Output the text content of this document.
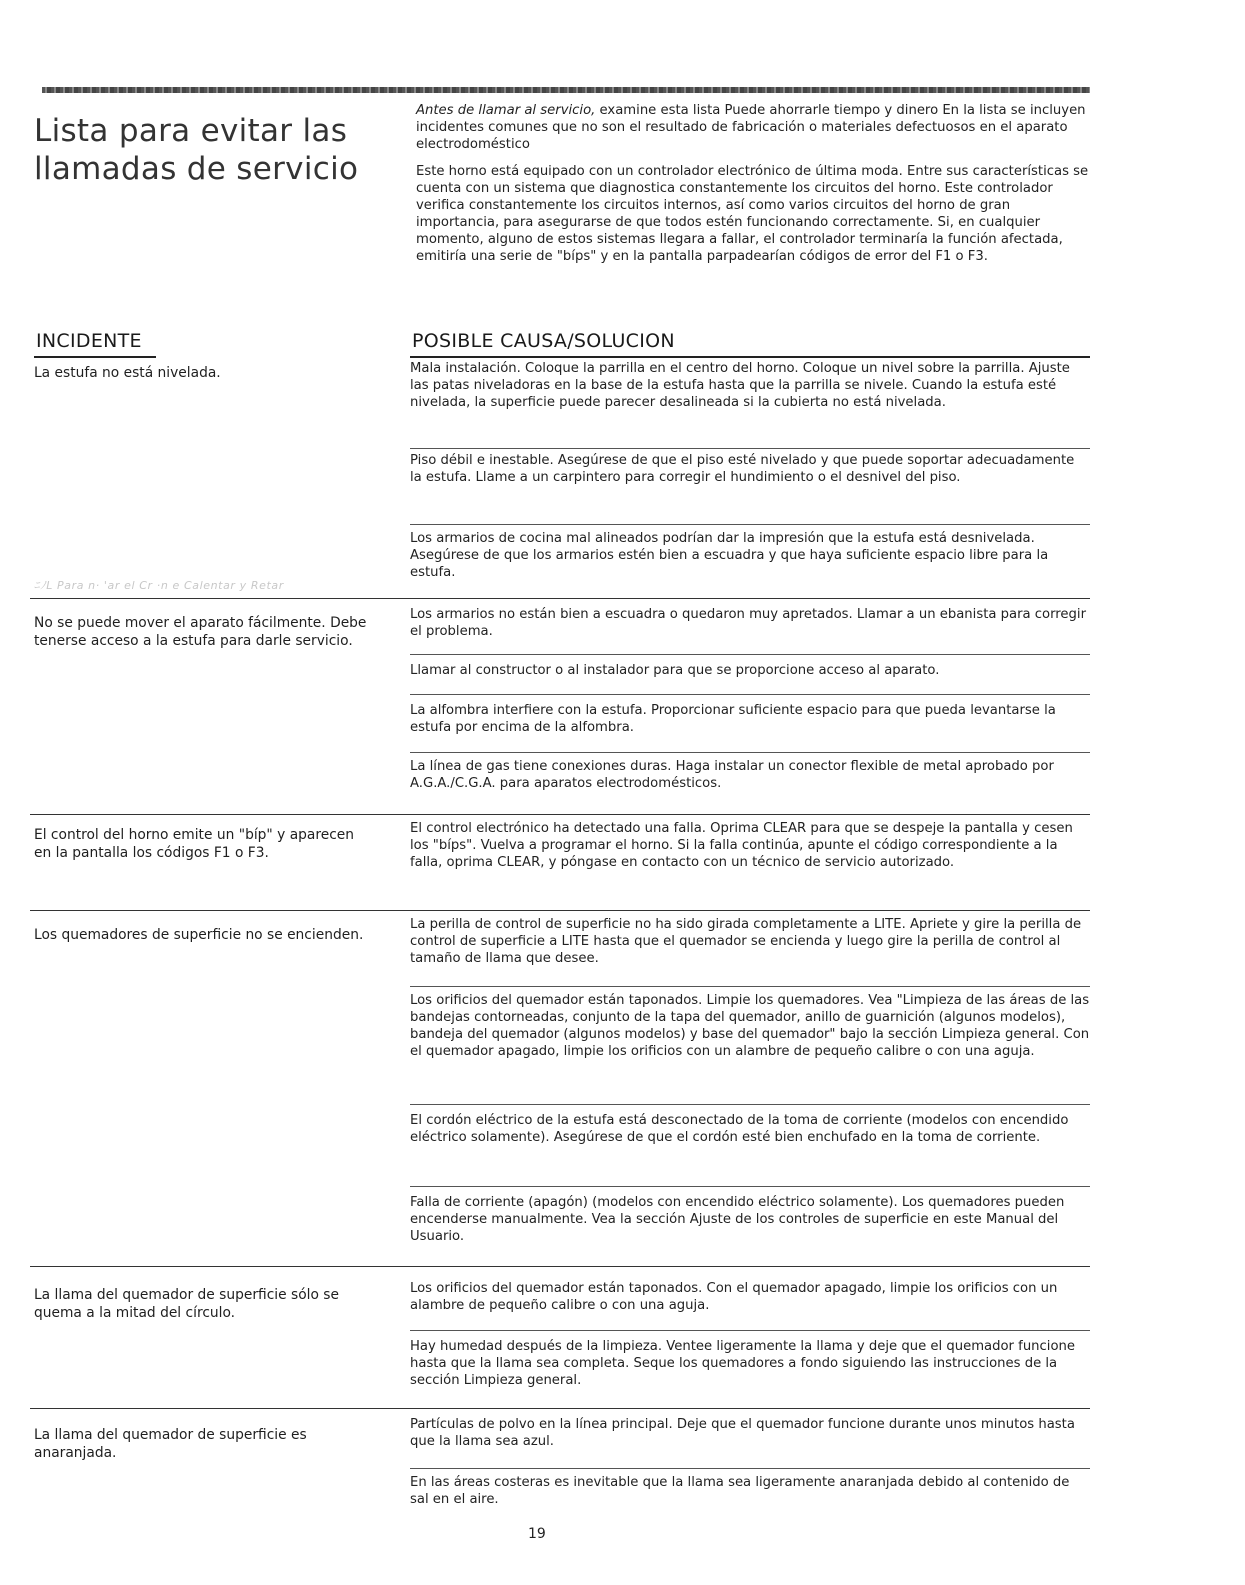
Lista para evitar las
llamadas de servicio

Antes de llamar al servicio, examine esta lista Puede ahorrarle tiempo y dinero En la lista se incluyen incidentes comunes que no son el resultado de fabricación o materiales defectuosos en el aparato electrodoméstico

Este horno está equipado con un controlador electrónico de última moda. Entre sus características se cuenta con un sistema que diagnostica constantemente los circuitos del horno. Este controlador verifica constantemente los circuitos internos, así como varios circuitos del horno de gran importancia, para asegurarse de que todos estén funcionando correctamente. Si, en cualquier momento, alguno de estos sistemas llegara a fallar, el controlador terminaría la función afectada, emitiría una serie de "bíps" y en la pantalla parpadearían códigos de error del F1 o F3.

INCIDENTE	POSIBLE CAUSA/SOLUCION
ﾆﾉL Para n· 'ar el Cr ·n e Calentar y Retar
La estufa no está nivelada.	Mala instalación. Coloque la parrilla en el centro del horno. Coloque un nivel sobre la parrilla. Ajuste las patas niveladoras en la base de la estufa hasta que la parrilla se nivele. Cuando la estufa esté nivelada, la superficie puede parecer desalineada si la cubierta no está nivelada.
Piso débil e inestable. Asegúrese de que el piso esté nivelado y que puede soportar adecuadamente la estufa. Llame a un carpintero para corregir el hundimiento o el desnivel del piso.
Los armarios de cocina mal alineados podrían dar la impresión que la estufa está desnivelada. Asegúrese de que los armarios estén bien a escuadra y que haya suficiente espacio libre para la estufa.
No se puede mover el aparato fácilmente. Debe tenerse acceso a la estufa para darle servicio.
Los armarios no están bien a escuadra o quedaron muy apretados. Llamar a un ebanista para corregir el problema.
Llamar al constructor o al instalador para que se proporcione acceso al aparato.
La alfombra interfiere con la estufa. Proporcionar suficiente espacio para que pueda levantarse la estufa por encima de la alfombra.
La línea de gas tiene conexiones duras. Haga instalar un conector flexible de metal aprobado por A.G.A./C.G.A. para aparatos electrodomésticos.
El control del horno emite un "bíp" y aparecen en la pantalla los códigos F1 o F3.
El control electrónico ha detectado una falla. Oprima CLEAR para que se despeje la pantalla y cesen los "bíps". Vuelva a programar el horno. Si la falla continúa, apunte el código correspondiente a la falla, oprima CLEAR, y póngase en contacto con un técnico de servicio autorizado.
Los quemadores de superficie no se encienden.
La perilla de control de superficie no ha sido girada completamente a LITE. Apriete y gire la perilla de control de superficie a LITE hasta que el quemador se encienda y luego gire la perilla de control al tamaño de llama que desee.
Los orificios del quemador están taponados. Limpie los quemadores. Vea "Limpieza de las áreas de las bandejas contorneadas, conjunto de la tapa del quemador, anillo de guarnición (algunos modelos), bandeja del quemador (algunos modelos) y base del quemador" bajo la sección Limpieza general. Con el quemador apagado, limpie los orificios con un alambre de pequeño calibre o con una aguja.
El cordón eléctrico de la estufa está desconectado de la toma de corriente (modelos con encendido eléctrico solamente). Asegúrese de que el cordón esté bien enchufado en la toma de corriente.
Falla de corriente (apagón) (modelos con encendido eléctrico solamente). Los quemadores pueden encenderse manualmente. Vea la sección Ajuste de los controles de superficie en este Manual del Usuario.
La llama del quemador de superficie sólo se quema a la mitad del círculo.
Los orificios del quemador están taponados. Con el quemador apagado, limpie los orificios con un alambre de pequeño calibre o con una aguja.
Hay humedad después de la limpieza. Ventee ligeramente la llama y deje que el quemador funcione hasta que la llama sea completa. Seque los quemadores a fondo siguiendo las instrucciones de la sección Limpieza general.
La llama del quemador de superficie es anaranjada.
Partículas de polvo en la línea principal. Deje que el quemador funcione durante unos minutos hasta que la llama sea azul.
En las áreas costeras es inevitable que la llama sea ligeramente anaranjada debido al contenido de sal en el aire.
19
